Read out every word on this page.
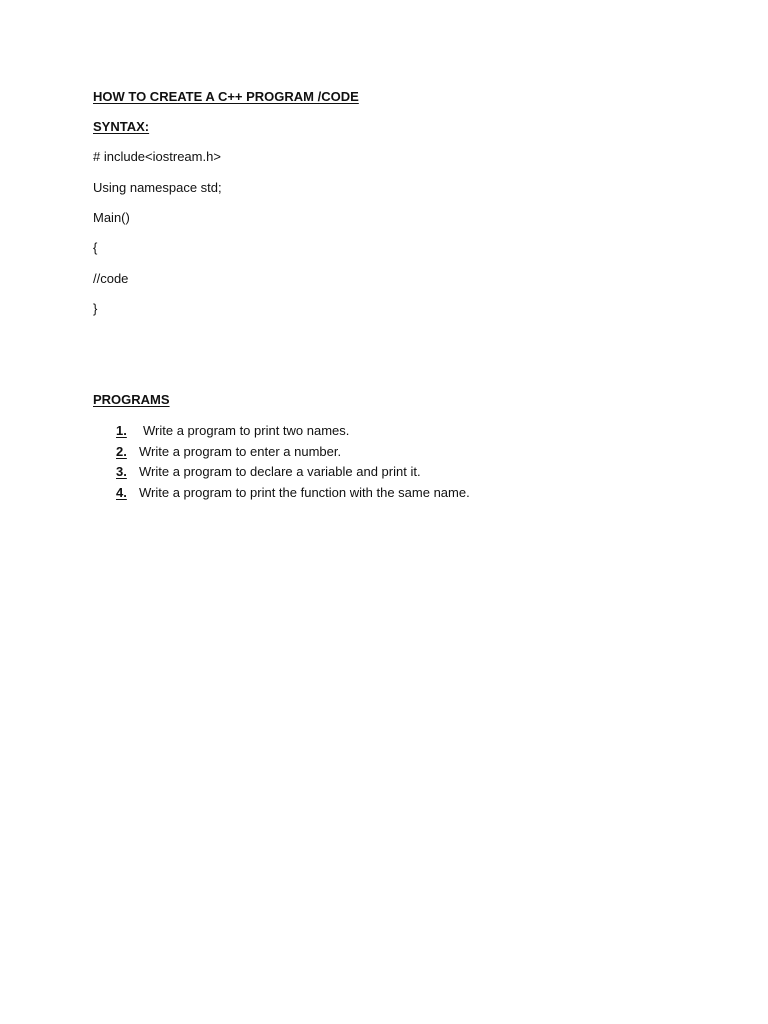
HOW TO CREATE A C++ PROGRAM /CODE
SYNTAX:
# include<iostream.h>
Using namespace std;
Main()
{
//code
}
PROGRAMS
1. Write a program to print two names.
2. Write a program to enter a number.
3. Write a program to declare a variable and print it.
4. Write a program to print the function with the same name.
